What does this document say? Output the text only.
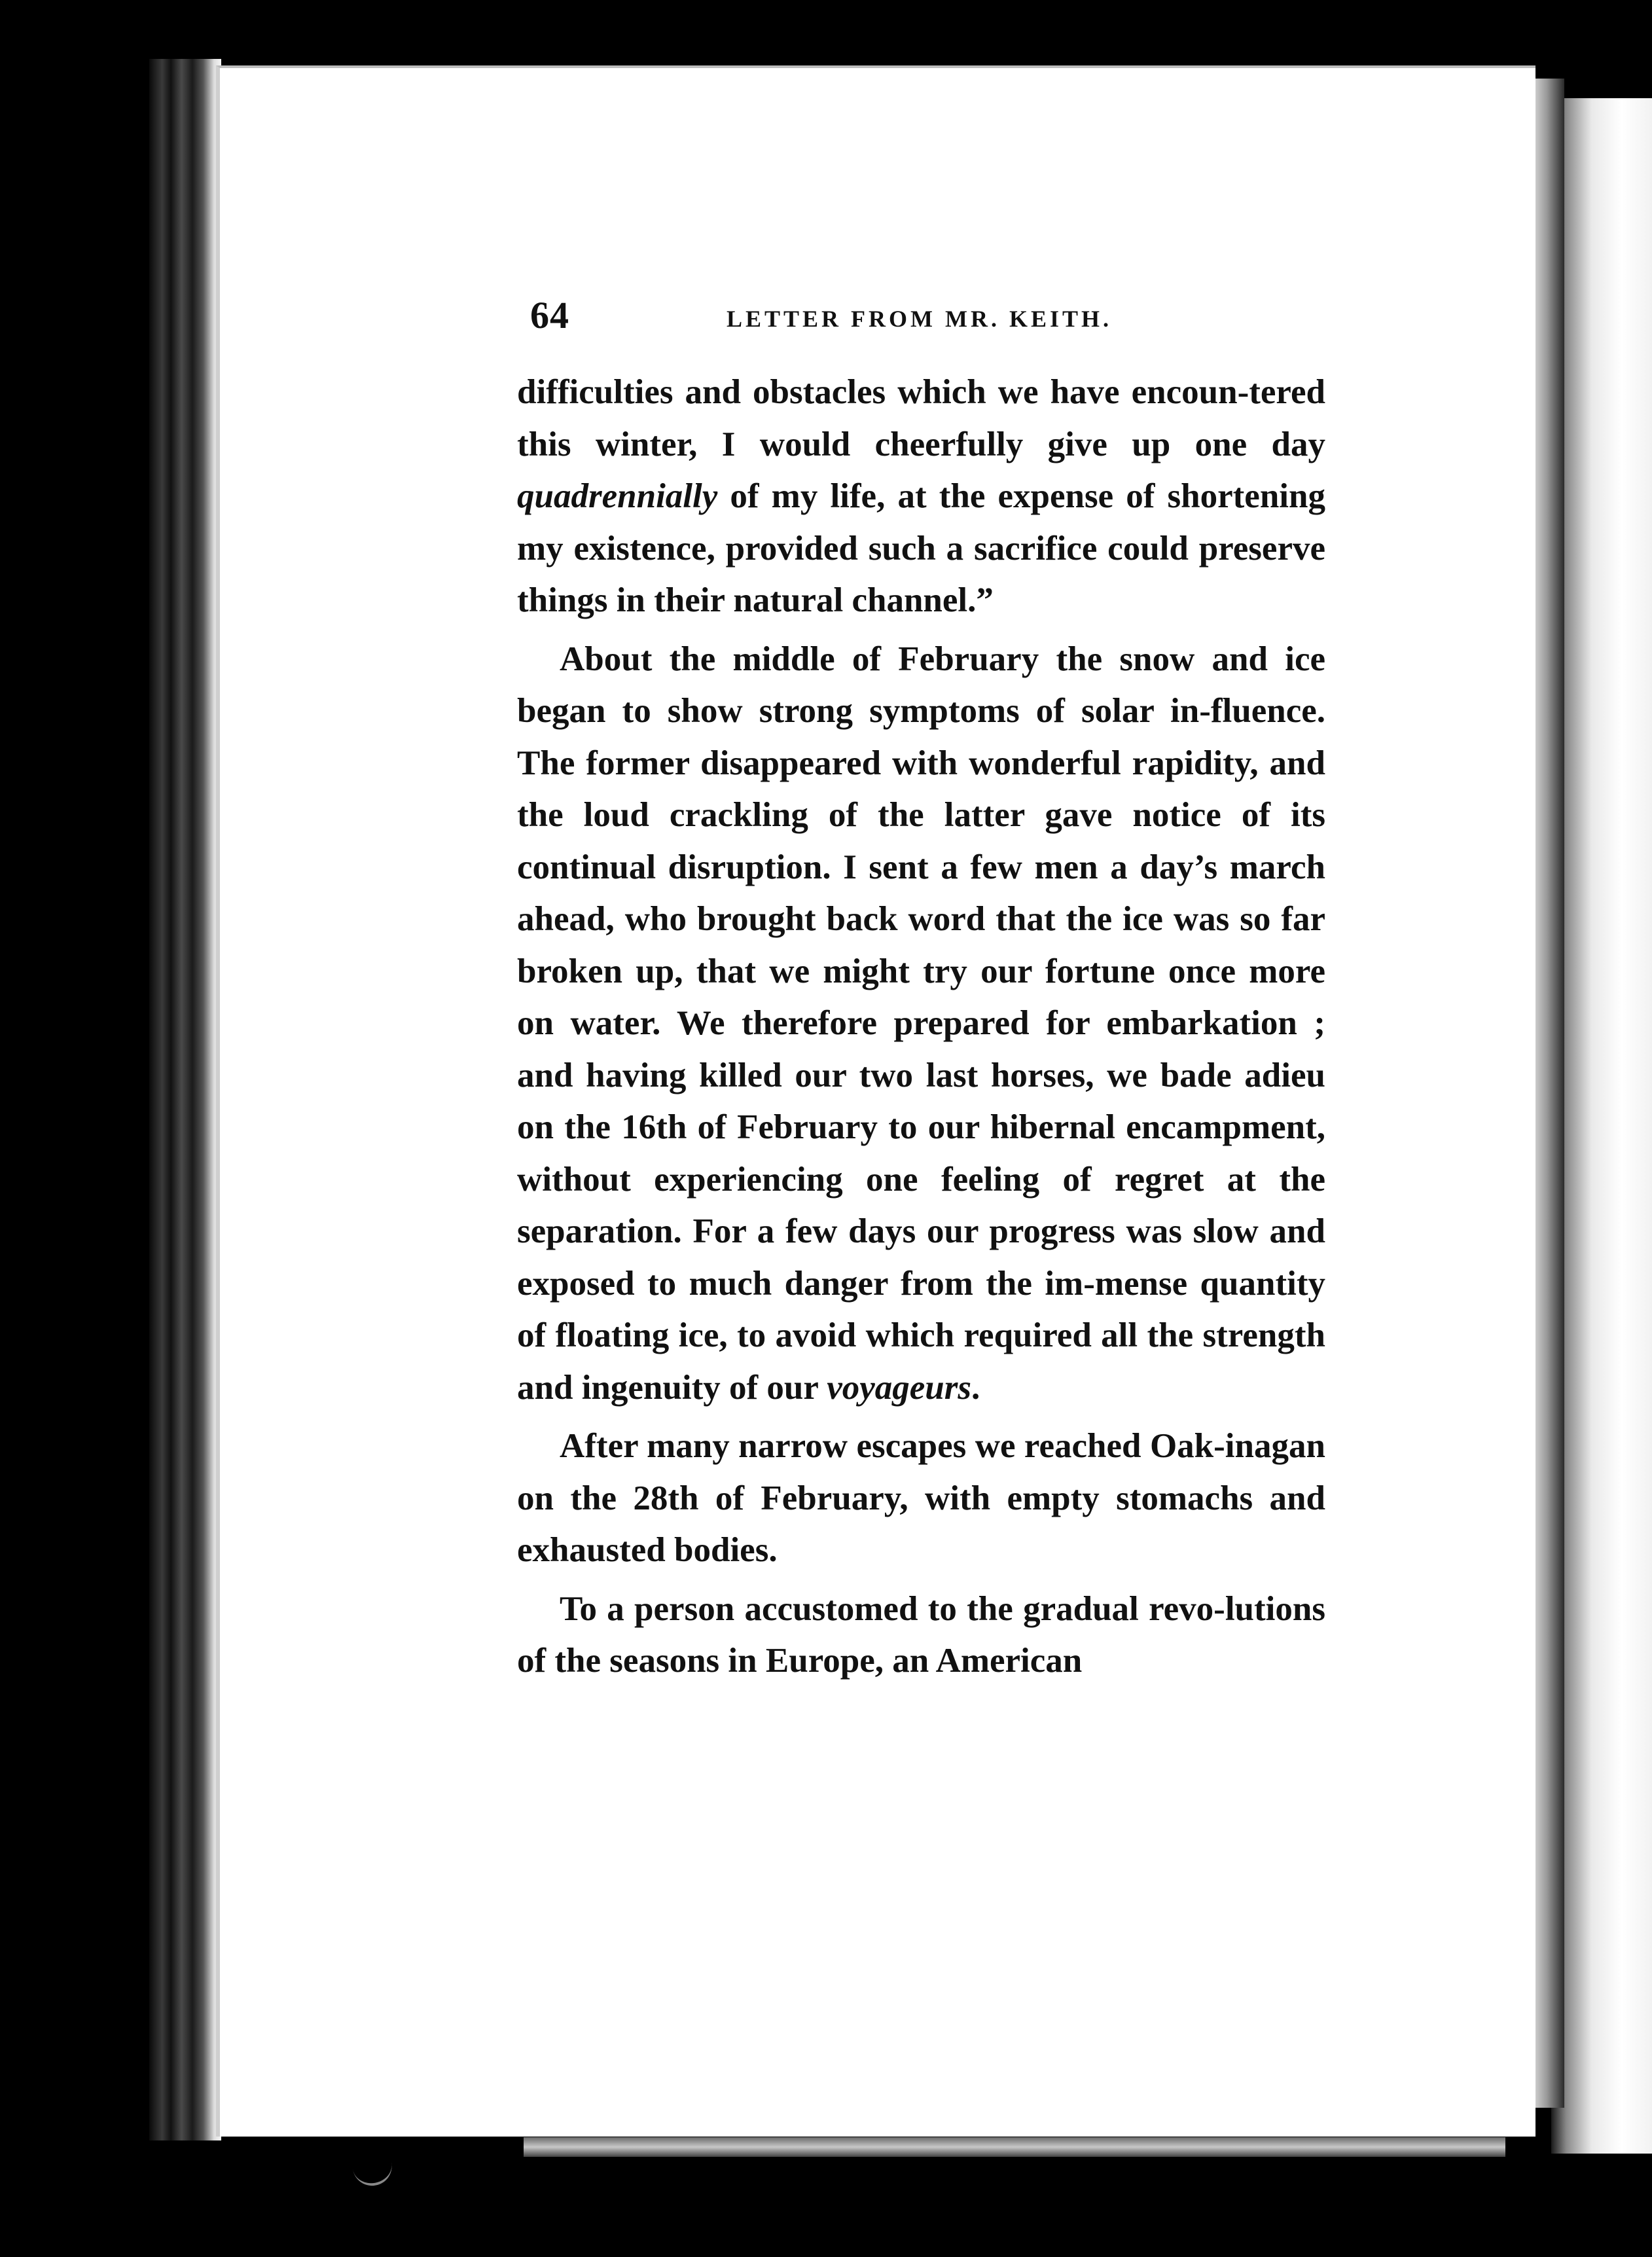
64	LETTER FROM MR. KEITH.

difficulties and obstacles which we have encoun-tered this winter, I would cheerfully give up one day quadrennially of my life, at the expense of shortening my existence, provided such a sacrifice could preserve things in their natural channel.”

About the middle of February the snow and ice began to show strong symptoms of solar in-fluence. The former disappeared with wonderful rapidity, and the loud crackling of the latter gave notice of its continual disruption. I sent a few men a day’s march ahead, who brought back word that the ice was so far broken up, that we might try our fortune once more on water. We therefore prepared for embarkation ; and having killed our two last horses, we bade adieu on the 16th of February to our hibernal encampment, without experiencing one feeling of regret at the separation. For a few days our progress was slow and exposed to much danger from the im-mense quantity of floating ice, to avoid which required all the strength and ingenuity of our voyageurs.

After many narrow escapes we reached Oak-inagan on the 28th of February, with empty stomachs and exhausted bodies.

To a person accustomed to the gradual revo-lutions of the seasons in Europe, an American
